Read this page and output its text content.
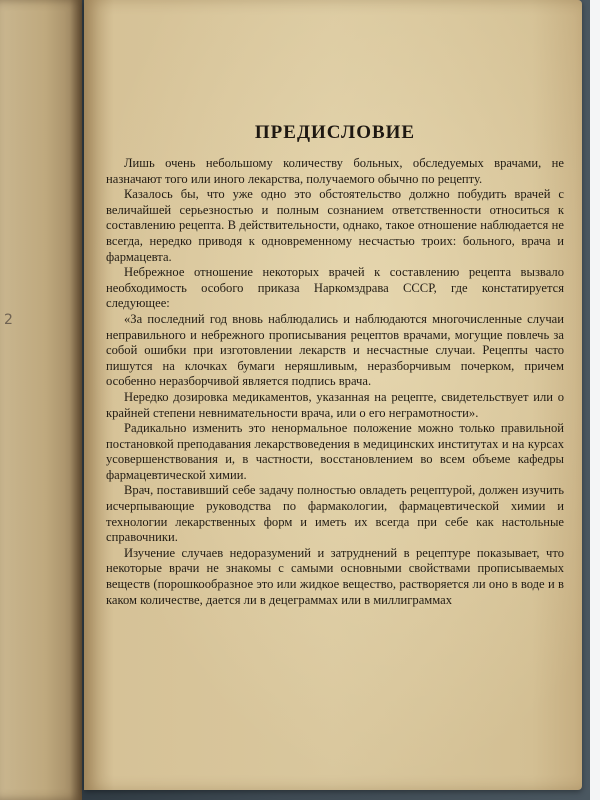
2
ПРЕДИСЛОВИЕ

Лишь очень небольшому количеству больных, обследуемых врачами, не назначают того или иного лекарства, получаемого обычно по рецепту.

Казалось бы, что уже одно это обстоятельство должно побудить врачей с величайшей серьезностью и полным сознанием ответственности относиться к составлению рецепта. В действительности, однако, такое отношение наблюдается не всегда, нередко приводя к одновременному несчастью троих: больного, врача и фармацевта.

Небрежное отношение некоторых врачей к составлению рецепта вызвало необходимость особого приказа Наркомздрава СССР, где констатируется следующее:

«За последний год вновь наблюдались и наблюдаются многочисленные случаи неправильного и небрежного прописывания рецептов врачами, могущие повлечь за собой ошибки при изготовлении лекарств и несчастные случаи. Рецепты часто пишутся на клочках бумаги неряшливым, неразборчивым почерком, причем особенно неразборчивой является подпись врача.

Нередко дозировка медикаментов, указанная на рецепте, свидетельствует или о крайней степени невнимательности врача, или о его неграмотности».

Радикально изменить это ненормальное положение можно только правильной постановкой преподавания лекарствоведения в медицинских институтах и на курсах усовершенствования и, в частности, восстановлением во всем объеме кафедры фармацевтической химии.

Врач, поставивший себе задачу полностью овладеть рецептурой, должен изучить исчерпывающие руководства по фармакологии, фармацевтической химии и технологии лекарственных форм и иметь их всегда при себе как настольные справочники.

Изучение случаев недоразумений и затруднений в рецептуре показывает, что некоторые врачи не знакомы с самыми основными свойствами прописываемых веществ (порошкообразное это или жидкое вещество, растворяется ли оно в воде и в каком количестве, дается ли в децеграммах или в миллиграммах
